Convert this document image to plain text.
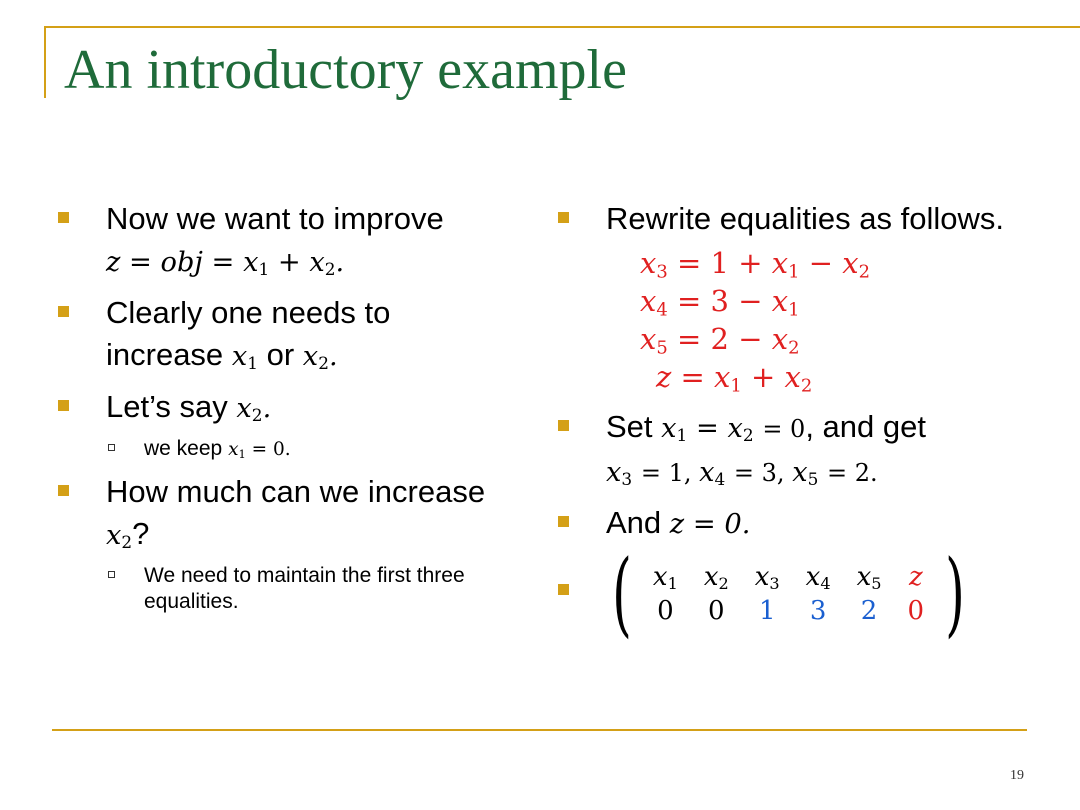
An introductory example
Now we want to improve
z = obj = $x_1 + x_2$.
Clearly one needs to increase $x_1$ or $x_2$.
Let’s say $x_2$.
we keep $x_1 = 0$.
How much can we increase $x_2$?
We need to maintain the first three equalities.
Rewrite equalities as follows.
$x_3 = 1 + x_1 - x_2$
$x_4 = 3 - x_1$
$x_5 = 2 - x_2$
$z = x_1 + x_2$
Set $x_1 = x_2 = 0$, and get
$x_3 = 1$, $x_4 = 3$, $x_5 = 2$.
And z = 0.
( $x_1$	$x_2$	$x_3$	$x_4$	$x_5$	z
0	0	1	3	2	0 )
19
